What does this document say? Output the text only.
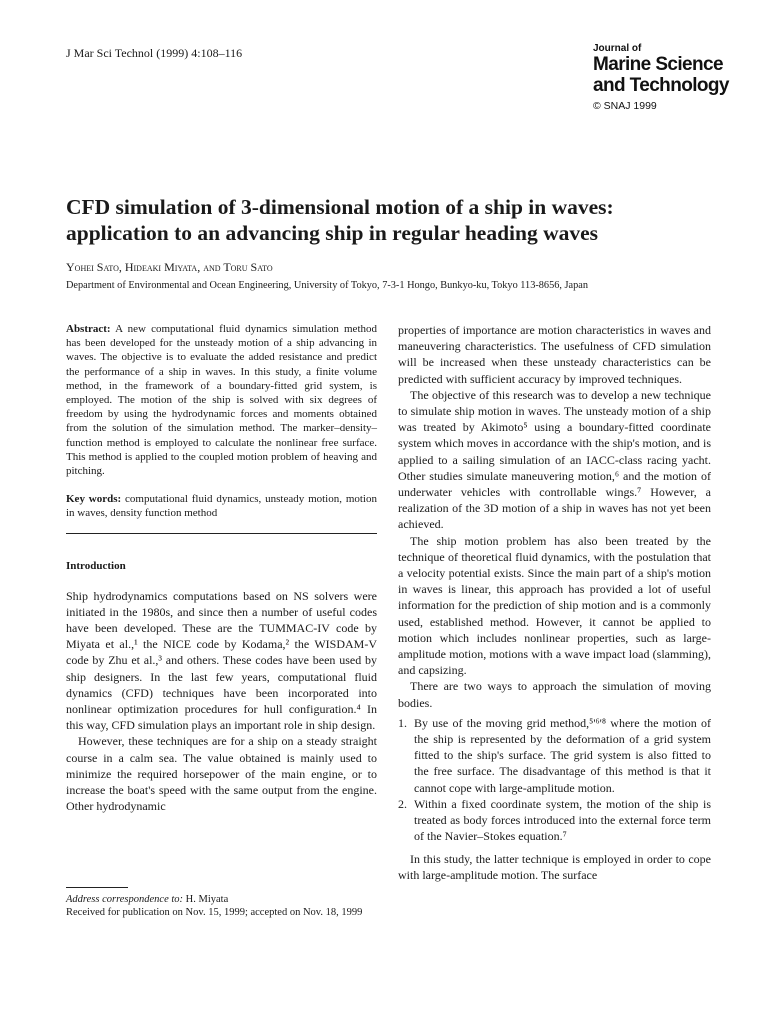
J Mar Sci Technol (1999) 4:108–116	Journal of
Marine Science
and Technology
© SNAJ 1999
CFD simulation of 3-dimensional motion of a ship in waves:
application to an advancing ship in regular heading waves
Yohei Sato, Hideaki Miyata, and Toru Sato
Department of Environmental and Ocean Engineering, University of Tokyo, 7-3-1 Hongo, Bunkyo-ku, Tokyo 113-8656, Japan

Abstract: A new computational fluid dynamics simulation method has been developed for the unsteady motion of a ship advancing in waves. The objective is to evaluate the added resistance and predict the performance of a ship in waves. In this study, a finite volume method, in the framework of a boundary-fitted grid system, is employed. The motion of the ship is solved with six degrees of freedom by using the hydrodynamic forces and moments obtained from the solution of the simulation method. The marker–density–function method is employed to calculate the nonlinear free surface. This method is applied to the coupled motion problem of heaving and pitching.

Key words: computational fluid dynamics, unsteady motion, motion in waves, density function method

Introduction

Ship hydrodynamics computations based on NS solvers were initiated in the 1980s, and since then a number of useful codes have been developed. These are the TUMMAC-IV code by Miyata et al.,¹ the NICE code by Kodama,² the WISDAM-V code by Zhu et al.,³ and others. These codes have been used by ship designers. In the last few years, computational fluid dynamics (CFD) techniques have been incorporated into nonlinear optimization procedures for hull configuration.⁴ In this way, CFD simulation plays an important role in ship design.

However, these techniques are for a ship on a steady straight course in a calm sea. The value obtained is mainly used to minimize the required horsepower of the main engine, or to increase the boat's speed with the same output from the engine. Other hydrodynamic

properties of importance are motion characteristics in waves and maneuvering characteristics. The usefulness of CFD simulation will be increased when these unsteady characteristics can be predicted with sufficient accuracy by improved techniques.

The objective of this research was to develop a new technique to simulate ship motion in waves. The unsteady motion of a ship was treated by Akimoto⁵ using a boundary-fitted coordinate system which moves in accordance with the ship's motion, and is applied to a sailing simulation of an IACC-class racing yacht. Other studies simulate maneuvering motion,⁶ and the motion of underwater vehicles with controllable wings.⁷ However, a realization of the 3D motion of a ship in waves has not yet been achieved.

The ship motion problem has also been treated by the technique of theoretical fluid dynamics, with the postulation that a velocity potential exists. Since the main part of a ship's motion in waves is linear, this approach has provided a lot of useful information for the prediction of ship motion and is a commonly used, established method. However, it cannot be applied to motion which includes nonlinear properties, such as large-amplitude motion, motions with a wave impact load (slamming), and capsizing.

There are two ways to approach the simulation of moving bodies.

1. By use of the moving grid method,⁵'⁶'⁸ where the motion of the ship is represented by the deformation of a grid system fitted to the ship's surface. The grid system is also fitted to the free surface. The disadvantage of this method is that it cannot cope with large-amplitude motion.
2. Within a fixed coordinate system, the motion of the ship is treated as body forces introduced into the external force term of the Navier–Stokes equation.⁷

In this study, the latter technique is employed in order to cope with large-amplitude motion. The surface

Address correspondence to: H. Miyata
Received for publication on Nov. 15, 1999; accepted on Nov. 18, 1999
